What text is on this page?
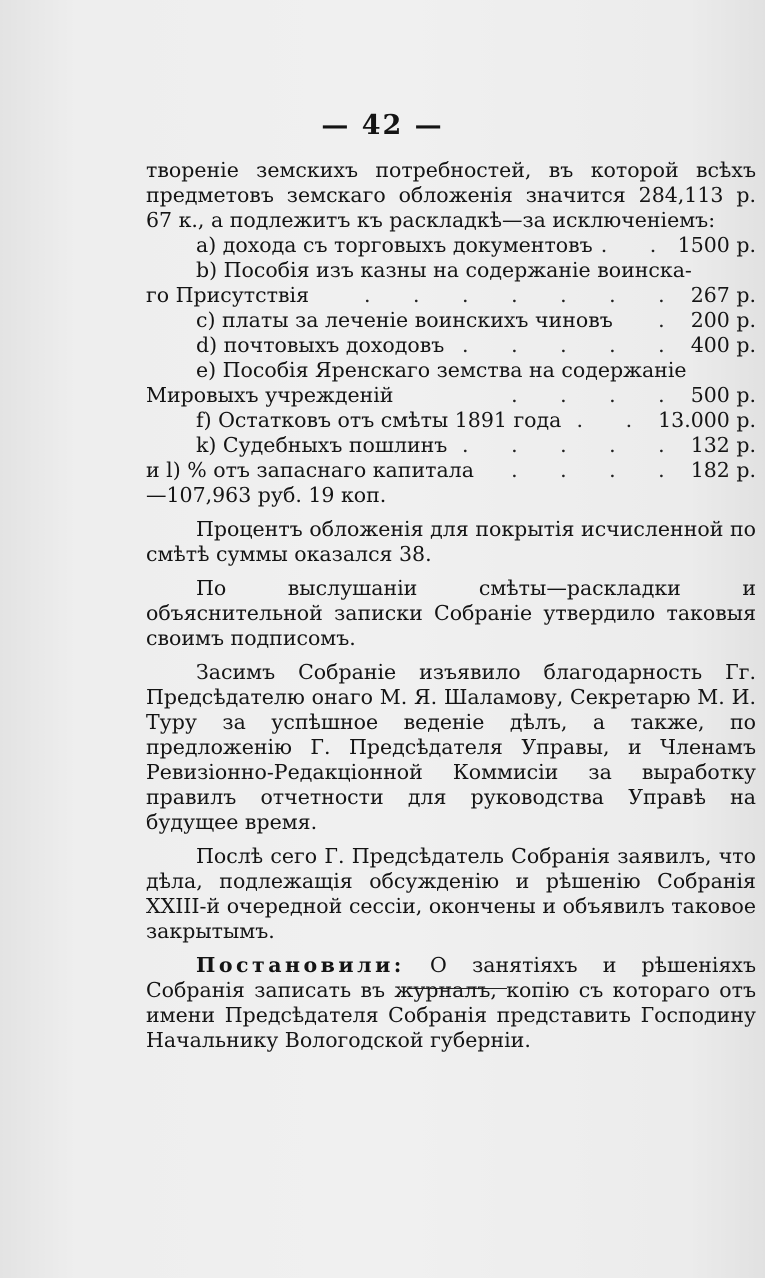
— 42 —

твореніе земскихъ потребностей, въ которой всѣхъ предметовъ земскаго обложенія значится 284,113 р. 67 к., а подлежитъ къ раскладкѣ—за исключеніемъ:

a) дохода съ торговыхъ документовъ . . 1500 р.
b) Пособія изъ казны на содержаніе воинска-
го Присутствія	. . . . . . . 267 р.
c) платы за леченіе воинскихъ чиновъ	. 200 р.
d) почтовыхъ доходовъ . . . . . 400 р.
e) Пособія Яренскаго земства на содержаніе
Мировыхъ учрежденій	. . . . 500 р.
f) Остатковъ отъ смѣты 1891 года . . 13.000 р.
k) Судебныхъ пошлинъ . . . . . 132 р.
и l) % отъ запаснаго капитала	. . . . 182 р.

—107,963 руб. 19 коп.

Процентъ обложенія для покрытія исчисленной по смѣтѣ суммы оказался 38.

По выслушаніи смѣты—раскладки и объяснительной записки Собраніе утвердило таковыя своимъ подписомъ.

Засимъ Собраніе изъявило благодарность Гг. Предсѣдателю онаго М. Я. Шаламову, Секретарю М. И. Туру за успѣшное веденіе дѣлъ, а также, по предложенію Г. Предсѣдателя Управы, и Членамъ Ревизіонно-Редакціонной Коммисіи за выработку правилъ отчетности для руководства Управѣ на будущее время.

Послѣ сего Г. Предсѣдатель Собранія заявилъ, что дѣла, подлежащія обсужденію и рѣшенію Собранія XXIII-й очередной сессіи, окончены и объявилъ таковое закрытымъ.

Постановили: О занятіяхъ и рѣшеніяхъ Собранія записать въ журналъ, копію съ котораго отъ имени Предсѣдателя Собранія представить Господину Начальнику Вологодской губерніи.
